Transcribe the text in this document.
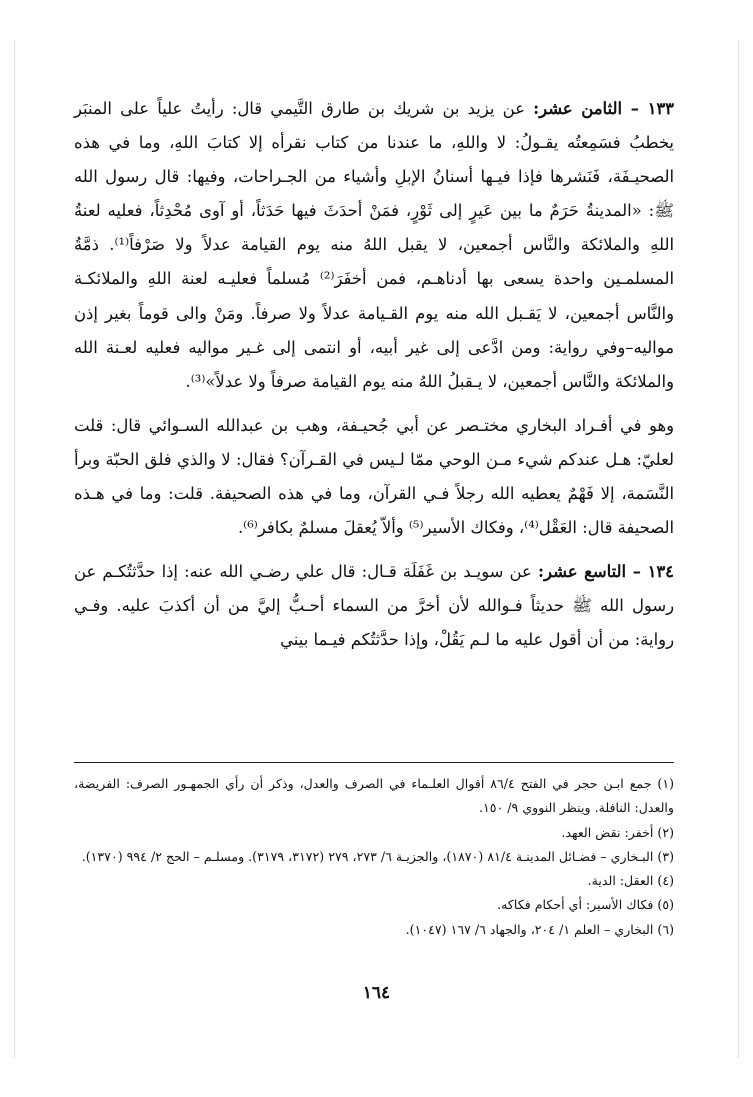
١٣٣ – الثامن عشر: عن يزيد بن شريك بن طارق التَّيمي قال: رأيتُ علياً على المنبَر يخطبُ فسَمِعتُه يقـولُ: لا واللهِ، ما عندنا من كتاب نقرأه إلا كتابَ اللهِ، وما في هذه الصحيـفَة، فَنَشرها فإذا فيـها أسنانُ الإبلِ وأشياء من الجـراحات، وفيها: قال رسول الله ﷺ: «المدينةُ حَرَمٌ ما بين عَيرٍ إلى ثَوْرٍ، فمَنْ أحدَثَ فيها حَدَثاً، أو آوى مُحْدِثاً، فعليه لعنةُ اللهِ والملائكة والنَّاس أجمعين، لا يقبل اللهُ منه يوم القيامة عدلاً ولا صَرْفاً⁽¹⁾. ذمَّةُ المسلمـين واحدة يسعى بها أدناهـم، فمن أخفَرَ⁽²⁾ مُسلماً فعليـه لعنة اللهِ والملائكـة والنَّاس أجمعين، لا يَقـبل الله منه يوم القـيامة عدلاً ولا صرفاً. ومَنْ والى قوماً بغير إذن مواليه–وفي رواية: ومن ادَّعى إلى غير أبيه، أو انتمى إلى غـير مواليه فعليه لعـنة الله والملائكة والنَّاس أجمعين، لا يـقبلُ اللهُ منه يوم القيامة صرفاً ولا عدلاً»⁽³⁾.

وهو في أفـراد البخاري مختـصر عن أبي جُحيـفة، وهب بن عبدالله السـوائي قال: قلت لعليّ: هـل عندكم شيء مـن الوحي ممّا لـيس في القـرآن؟ فقال: لا والذي فلق الحبّة وبرأ النَّسَمة، إلا فَهْمٌ يعطيه الله رجلاً فـي القرآن، وما في هذه الصحيفة. قلت: وما في هـذه الصحيفة قال: العَقْل⁽⁴⁾، وفكاك الأسير⁽⁵⁾ وألاّ يُعقلَ مسلمٌ بكافر⁽⁶⁾.

١٣٤ – التاسع عشر: عن سويـد بن غَفَلَة قـال: قال علي رضـي الله عنه: إذا حدَّثتُكـم عن رسول الله ﷺ حديثاً فـوالله لأن أخرَّ من السماء أحـبُّ إليَّ من أن أكذبَ عليه. وفـي رواية: من أن أقول عليه ما لـم يَقُلْ، وإذا حدَّثتُكم فيـما بيني

(١) جمع ابـن حجر في الفتح ٨٦/٤ أقوال العلـماء في الصرف والعدل، وذكر أن رأي الجمهـور الصرف: الفريضة، والعدل: النافلة. وينظر النووي ٩/ ١٥٠.

(٢) أخفر: نقض العهد.

(٣) البـخاري – فضـائل المدينـة ٨١/٤ (١٨٧٠)، والجزيـة ٦/ ٢٧٣، ٢٧٩ (٣١٧٢، ٣١٧٩). ومسلـم – الحج ٢/ ٩٩٤ (١٣٧٠).

(٤) العقل: الدية.

(٥) فكاك الأسير: أي أحكام فكاكه.

(٦) البخاري – العلم ١/ ٢٠٤، والجهاد ٦/ ١٦٧ (١٠٤٧).

١٦٤
